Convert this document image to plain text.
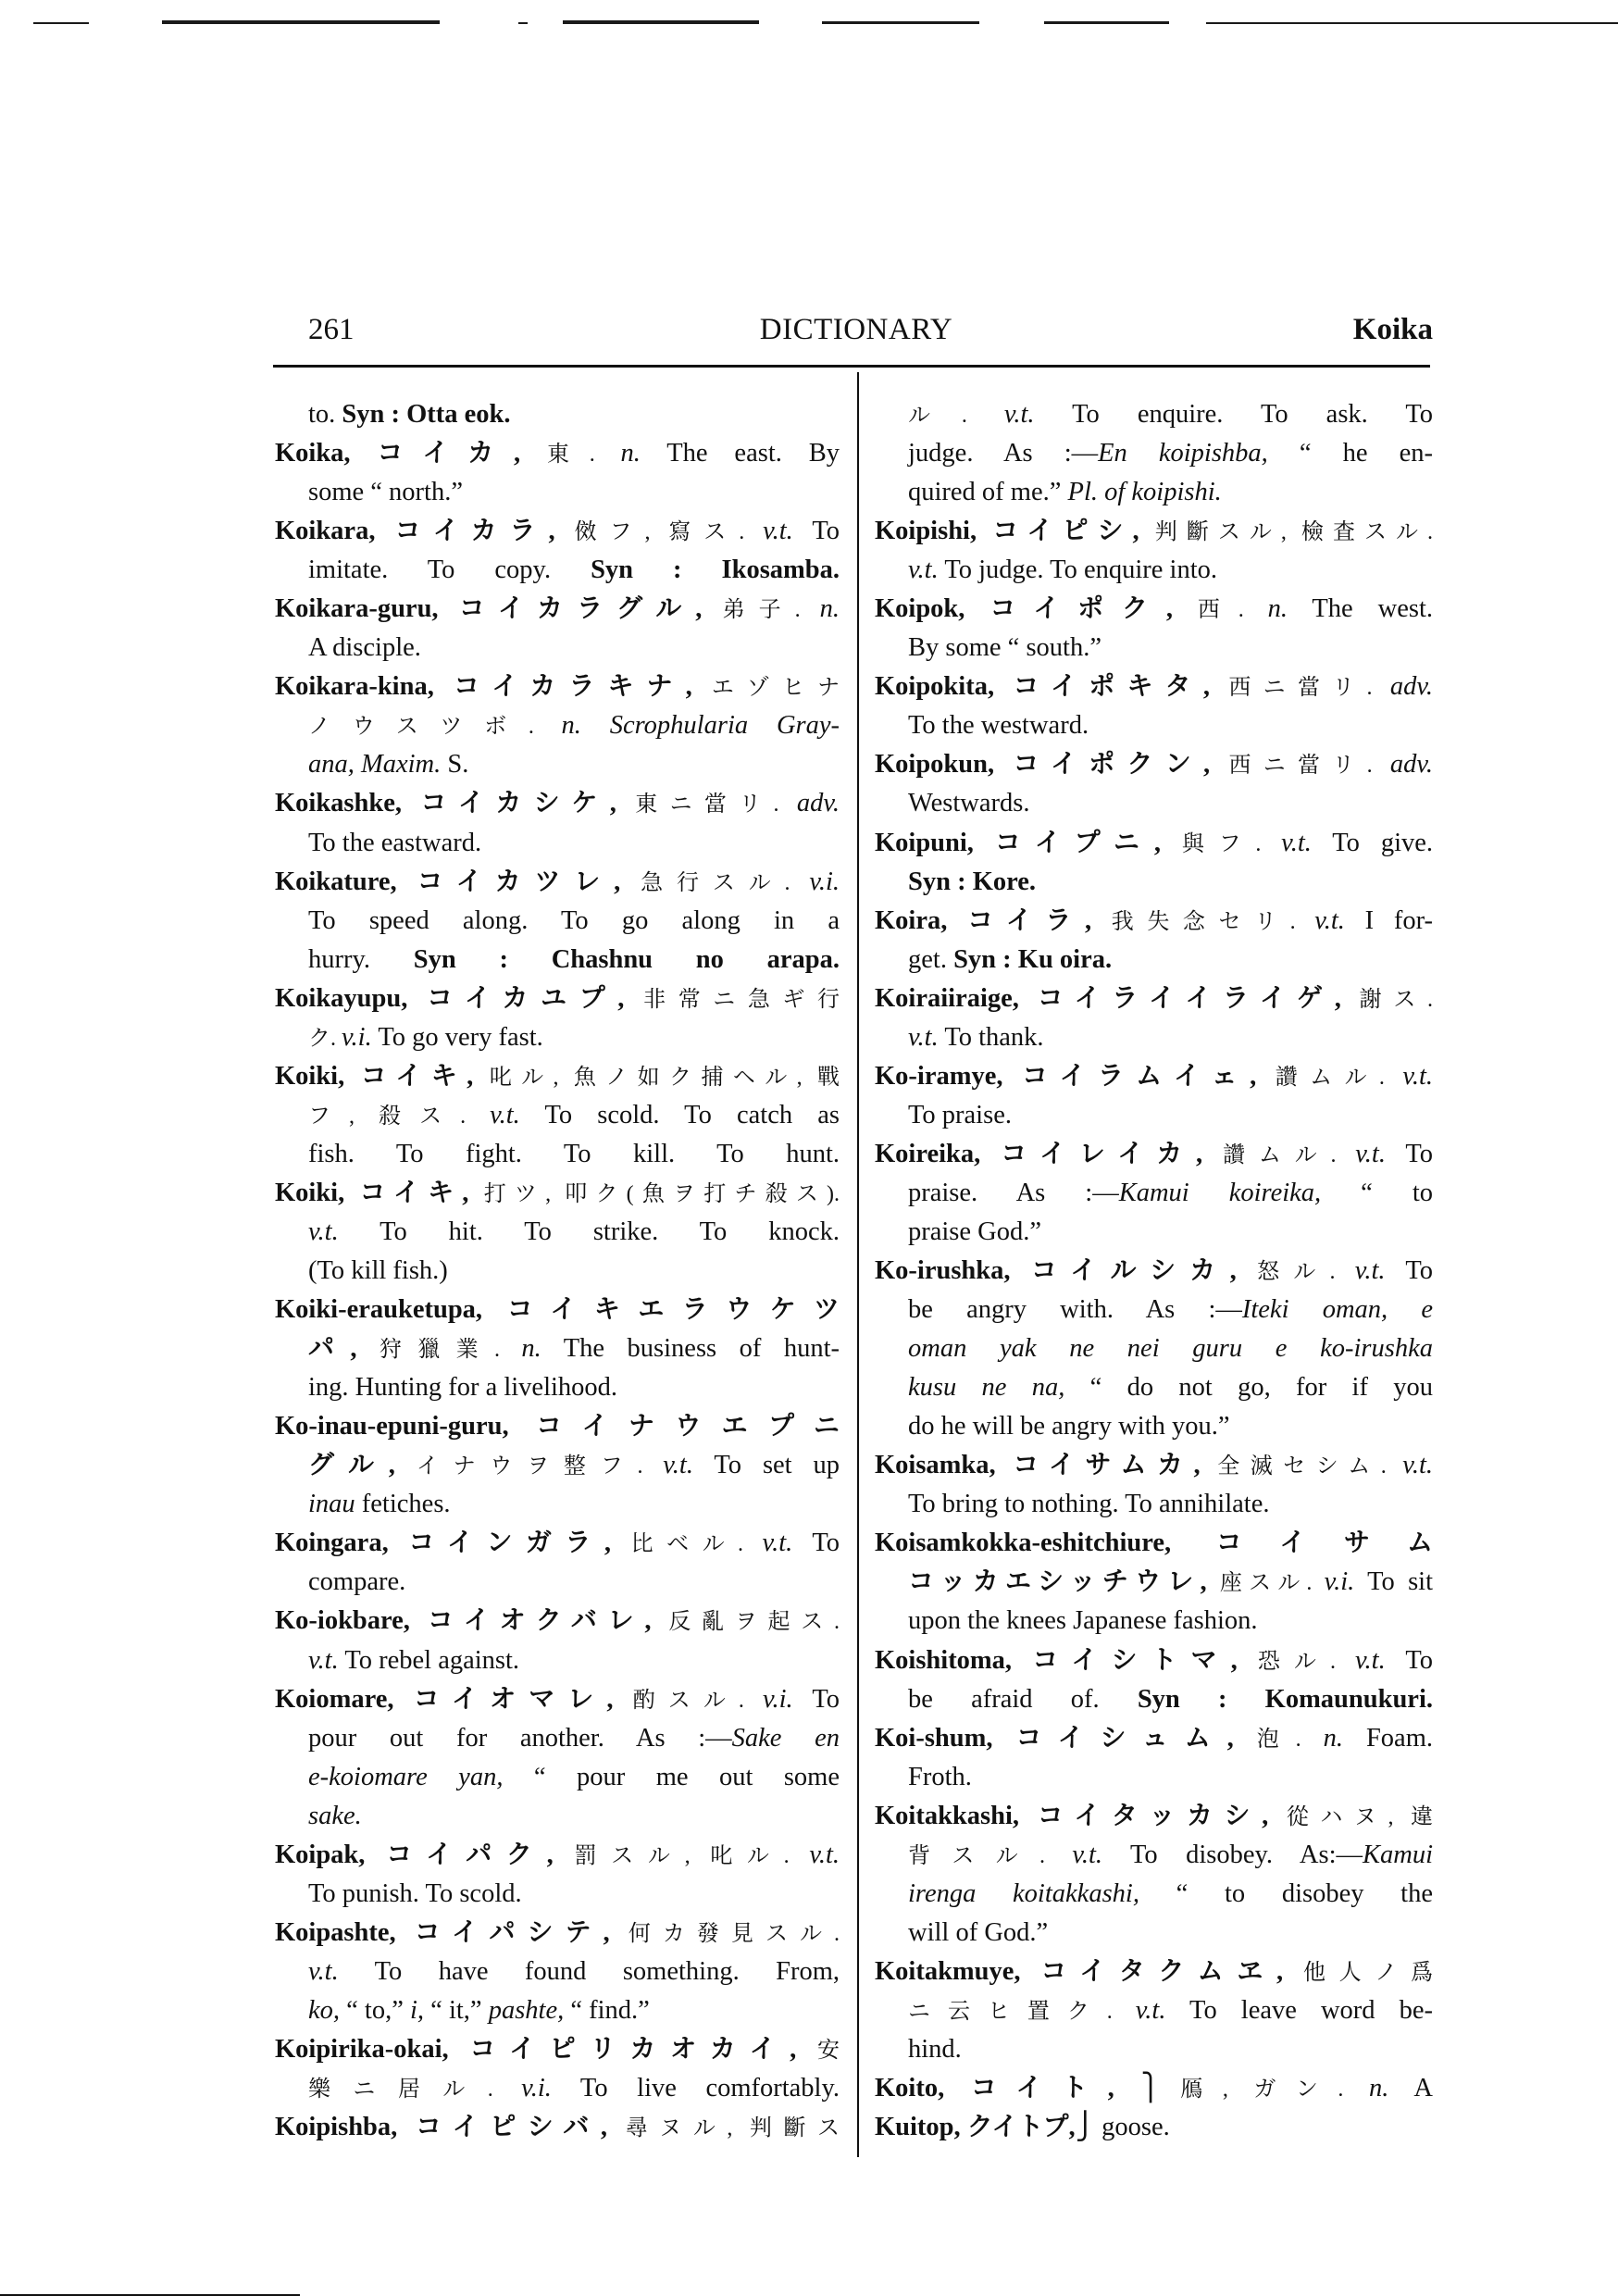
261	DICTIONARY	Koika
to. Syn : Otta eok.
Koika, コイカ, 東. n. The east. By
some “ north.”
Koikara, コイカラ, 傚フ, 寫ス. v.t. To
imitate. To copy. Syn : Ikosamba.
Koikara-guru, コイカラグル, 弟子. n.
A disciple.
Koikara-kina, コイカラキナ, エゾヒナ
ノウスツボ. n. Scrophularia Gray-
ana, Maxim. S.
Koikashke, コイカシケ, 東ニ當リ. adv.
To the eastward.
Koikature, コイカツレ, 急行スル. v.i.
To speed along. To go along in a
hurry. Syn : Chashnu no arapa.
Koikayupu, コイカユプ, 非常ニ急ギ行
ク. v.i. To go very fast.
Koiki, コイキ, 叱ル, 魚ノ如ク捕ヘル, 戰
フ, 殺ス. v.t. To scold. To catch as
fish. To fight. To kill. To hunt.
Koiki, コイキ, 打ツ, 叩ク(魚ヲ打チ殺ス).
v.t. To hit. To strike. To knock.
(To kill fish.)
Koiki-erauketupa, コイキエラウケツ
パ, 狩獵業. n. The business of hunt-
ing. Hunting for a livelihood.
Ko-inau-epuni-guru, コイナウエプニ
グル, イナウヲ整フ. v.t. To set up
inau fetiches.
Koingara, コインガラ, 比ベル. v.t. To
compare.
Ko-iokbare, コイオクバレ, 反亂ヲ起ス.
v.t. To rebel against.
Koiomare, コイオマレ, 酌スル. v.i. To
pour out for another. As :—Sake en
e-koiomare yan, “ pour me out some
sake.
Koipak, コイパク, 罰スル, 叱ル. v.t.
To punish. To scold.
Koipashte, コイパシテ, 何カ發見スル.
v.t. To have found something. From,
ko, “ to,” i, “ it,” pashte, “ find.”
Koipirika-okai, コイピリカオカイ, 安
樂ニ居ル. v.i. To live comfortably.
Koipishba, コイピシバ, 尋ヌル, 判斷ス
ル. v.t. To enquire. To ask. To
judge. As :—En koipishba, “ he en-
quired of me.” Pl. of koipishi.
Koipishi, コイピシ, 判斷スル, 檢査スル.
v.t. To judge. To enquire into.
Koipok, コイポク, 西. n. The west.
By some “ south.”
Koipokita, コイポキタ, 西ニ當リ. adv.
To the westward.
Koipokun, コイポクン, 西ニ當リ. adv.
Westwards.
Koipuni, コイプニ, 與フ. v.t. To give.
Syn : Kore.
Koira, コイラ, 我失念セリ. v.t. I for-
get. Syn : Ku oira.
Koiraiiraige, コイライイライゲ, 謝ス.
v.t. To thank.
Ko-iramye, コイラムイェ, 讚ムル. v.t.
To praise.
Koireika, コイレイカ, 讚ムル. v.t. To
praise. As :—Kamui koireika, “ to
praise God.”
Ko-irushka, コイルシカ, 怒ル. v.t. To
be angry with. As :—Iteki oman, e
oman yak ne nei guru e ko-irushka
kusu ne na, “ do not go, for if you
do he will be angry with you.”
Koisamka, コイサムカ, 全滅セシム. v.t.
To bring to nothing. To annihilate.
Koisamkokka-eshitchiure, コイサム
コッカエシッチウレ, 座スル. v.i. To sit
upon the knees Japanese fashion.
Koishitoma, コイシトマ, 恐ル. v.t. To
be afraid of. Syn : Komaunukuri.
Koi-shum, コイシュム, 泡. n. Foam.
Froth.
Koitakkashi, コイタッカシ, 從ハヌ, 違
背スル. v.t. To disobey. As:—Kamui
irenga koitakkashi, “ to disobey the
will of God.”
Koitakmuye, コイタクムヱ, 他人ノ爲
ニ云ヒ置ク. v.t. To leave word be-
hind.
Koito, コイト, ⎫鴈, ガン. n. A
Kuitop, クイトプ,⎭ goose.
